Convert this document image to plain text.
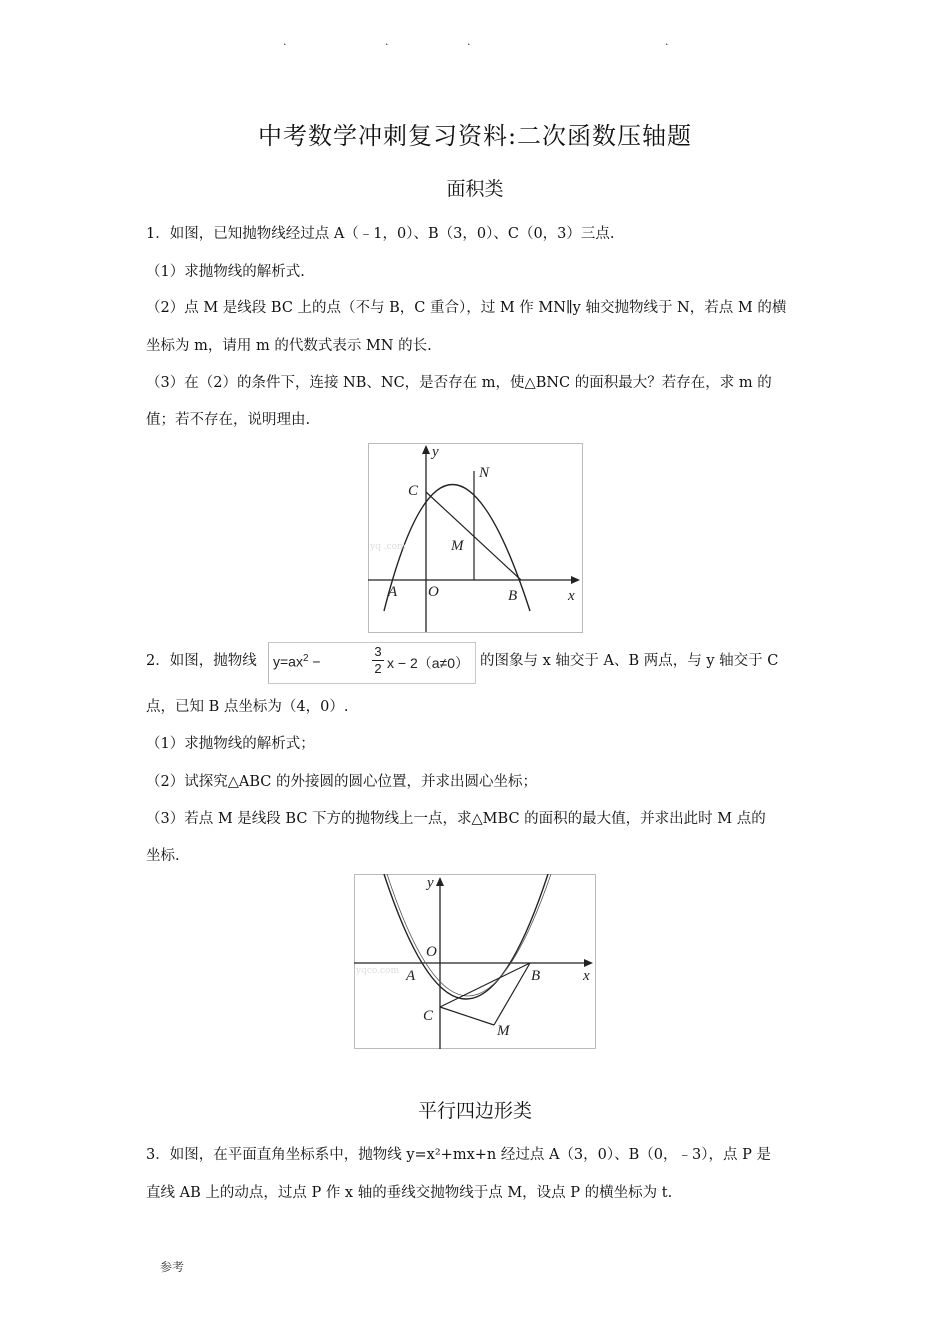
.	.	.	.
中考数学冲刺复习资料:二次函数压轴题
面积类
1．如图，已知抛物线经过点 A（﹣1，0）、B（3，0）、C（0，3）三点.
（1）求抛物线的解析式.
（2）点 M 是线段 BC 上的点（不与 B，C 重合），过 M 作 MN∥y 轴交抛物线于 N，若点 M 的横
坐标为 m，请用 m 的代数式表示 MN 的长.
（3）在（2）的条件下，连接 NB、NC，是否存在 m，使△BNC 的面积最大？若存在，求 m 的
值；若不存在，说明理由.
yq .com
y
x
C
N
M
A O	B
2．如图，抛物线	$y=ax^2$ −	$\frac{3}{2}$ x − 2（a≠0） 的图象与 x 轴交于 A、B 两点，与 y 轴交于 C
点，已知 B 点坐标为（4，0）.
（1）求抛物线的解析式；
（2）试探究△ABC 的外接圆的圆心位置，并求出圆心坐标；
（3）若点 M 是线段 BC 下方的抛物线上一点，求△MBC 的面积的最大值，并求出此时 M 点的
坐标.
yqco.com
y
x
O
A	B
C
M
平行四边形类
3．如图，在平面直角坐标系中，抛物线 y=x²+mx+n 经过点 A（3，0）、B（0，﹣3），点 P 是
直线 AB 上的动点，过点 P 作 x 轴的垂线交抛物线于点 M，设点 P 的横坐标为 t.
参考
